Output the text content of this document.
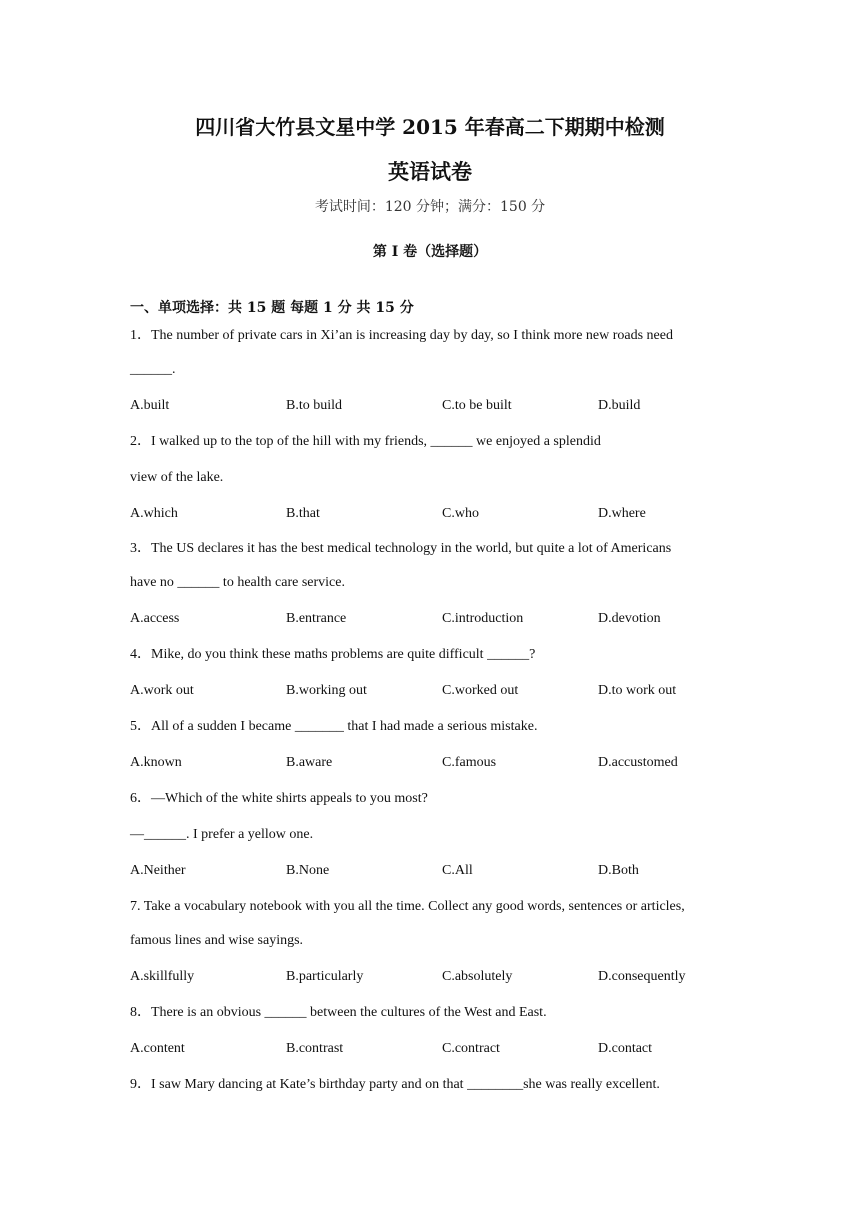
四川省大竹县文星中学 2015 年春高二下期期中检测
英语试卷
考试时间：120 分钟；满分：150 分
第 I 卷（选择题）
一、单项选择：共 15 题 每题 1 分 共 15 分
1．The number of private cars in Xi’an is increasing day by day, so I think more new roads need
______.
A.built	B.to build	C.to be built	D.build
2．I walked up to the top of the hill with my friends, ______ we enjoyed a splendid
view of the lake.
A.which	B.that	C.who	D.where
3．The US declares it has the best medical technology in the world, but quite a lot of Americans
have no ______ to health care service.
A.access	B.entrance	C.introduction	D.devotion
4．Mike, do you think these maths problems are quite difficult ______?
A.work out	B.working out	C.worked out	D.to work out
5．All of a sudden I became _______ that I had made a serious mistake.
A.known	B.aware	C.famous	D.accustomed
6．—Which of the white shirts appeals to you most?
—______. I prefer a yellow one.
A.Neither	B.None	C.All	D.Both
7. Take a vocabulary notebook with you all the time. Collect any good words, sentences or articles,
famous lines and wise sayings.
A.skillfully	B.particularly	C.absolutely	D.consequently
8．There is an obvious ______ between the cultures of the West and East.
A.content	B.contrast	C.contract	D.contact
9．I saw Mary dancing at Kate’s birthday party and on that ________she was really excellent.
